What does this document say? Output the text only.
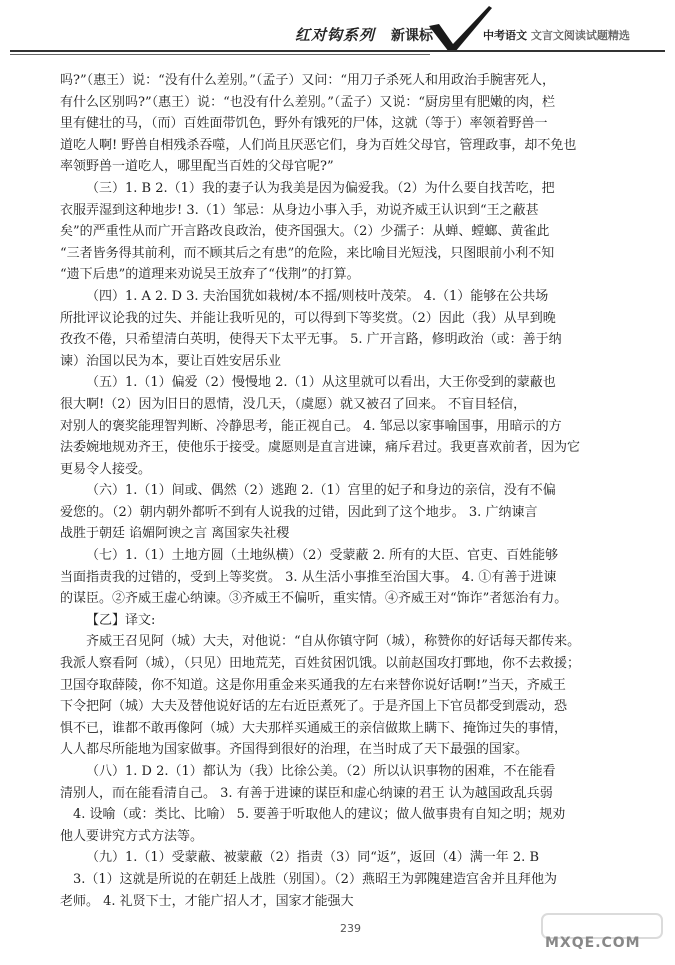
红对钩系列 新课标	中考语文 文言文阅读试题精选
吗?”（惠王）说：“没有什么差别。”（孟子）又问：“用刀子杀死人和用政治手腕害死人，
有什么区别吗?”（惠王）说：“也没有什么差别。”（孟子）又说：“厨房里有肥嫩的肉，栏
里有健壮的马，（而）百姓面带饥色，野外有饿死的尸体，这就（等于）率领着野兽一
道吃人啊! 野兽自相残杀吞噬，人们尚且厌恶它们，身为百姓父母官，管理政事，却不免也
率领野兽一道吃人，哪里配当百姓的父母官呢?”
（三）1. B 2.（1）我的妻子认为我美是因为偏爱我。（2）为什么要自找苦吃，把
衣服弄湿到这种地步! 3.（1）邹忌：从身边小事入手，劝说齐威王认识到“王之蔽甚
矣”的严重性从而广开言路改良政治，使齐国强大。（2）少孺子：从蝉、螳螂、黄雀此
“三者皆务得其前利，而不顾其后之有患”的危险，来比喻目光短浅，只图眼前小利不知
“遗下后患”的道理来劝说吴王放弃了“伐荆”的打算。
（四）1. A 2. D 3. 夫治国犹如栽树/本不摇/则枝叶茂荣。 4.（1）能够在公共场
所批评议论我的过失、并能让我听见的，可以得到下等奖赏。（2）因此（我）从早到晚
孜孜不倦，只希望清白英明，使得天下太平无事。 5. 广开言路，修明政治（或：善于纳
谏）治国以民为本，要让百姓安居乐业
（五）1.（1）偏爱（2）慢慢地 2.（1）从这里就可以看出，大王你受到的蒙蔽也
很大啊!（2）因为旧日的恩情，没几天，（虞愿）就又被召了回来。 不盲目轻信，
对别人的褒奖能理智判断、冷静思考，能正视自己。 4. 邹忌以家事喻国事，用暗示的方
法委婉地规劝齐王，使他乐于接受。虞愿则是直言进谏，痛斥君过。我更喜欢前者，因为它
更易令人接受。
（六）1.（1）间或、偶然（2）逃跑 2.（1）宫里的妃子和身边的亲信，没有不偏
爱您的。（2）朝内朝外都听不到有人说我的过错，因此到了这个地步。 3. 广纳谏言
战胜于朝廷 谄媚阿谀之言 离国家失社稷
（七）1.（1）土地方圆（土地纵横）（2）受蒙蔽 2. 所有的大臣、官吏、百姓能够
当面指责我的过错的，受到上等奖赏。 3. 从生活小事推至治国大事。 4. ①有善于进谏
的谋臣。②齐威王虚心纳谏。③齐威王不偏听，重实情。④齐威王对“饰诈”者惩治有力。
【乙】译文:
齐威王召见阿（城）大夫，对他说：“自从你镇守阿（城），称赞你的好话每天都传来。
我派人察看阿（城），（只见）田地荒芜，百姓贫困饥饿。以前赵国攻打鄄地，你不去救援；
卫国夺取薛陵，你不知道。这是你用重金来买通我的左右来替你说好话啊!”当天，齐威王
下令把阿（城）大夫及替他说好话的左右近臣煮死了。于是齐国上下官员都受到震动，恐
惧不已，谁都不敢再像阿（城）大夫那样买通威王的亲信做欺上瞒下、掩饰过失的事情，
人人都尽所能地为国家做事。齐国得到很好的治理，在当时成了天下最强的国家。
（八）1. D 2.（1）都认为（我）比徐公美。（2）所以认识事物的困难，不在能看
清别人，而在能看清自己。 3. 有善于进谏的谋臣和虚心纳谏的君王 认为越国政乱兵弱
4. 设喻（或：类比、比喻） 5. 要善于听取他人的建议；做人做事贵有自知之明；规劝
他人要讲究方式方法等。
（九）1.（1）受蒙蔽、被蒙蔽（2）指责（3）同“返”，返回（4）满一年 2. B
3.（1）这就是所说的在朝廷上战胜（别国）。（2）燕昭王为郭隗建造宫舍并且拜他为
老师。 4. 礼贤下士，才能广招人才，国家才能强大
239
MXQE.COM
